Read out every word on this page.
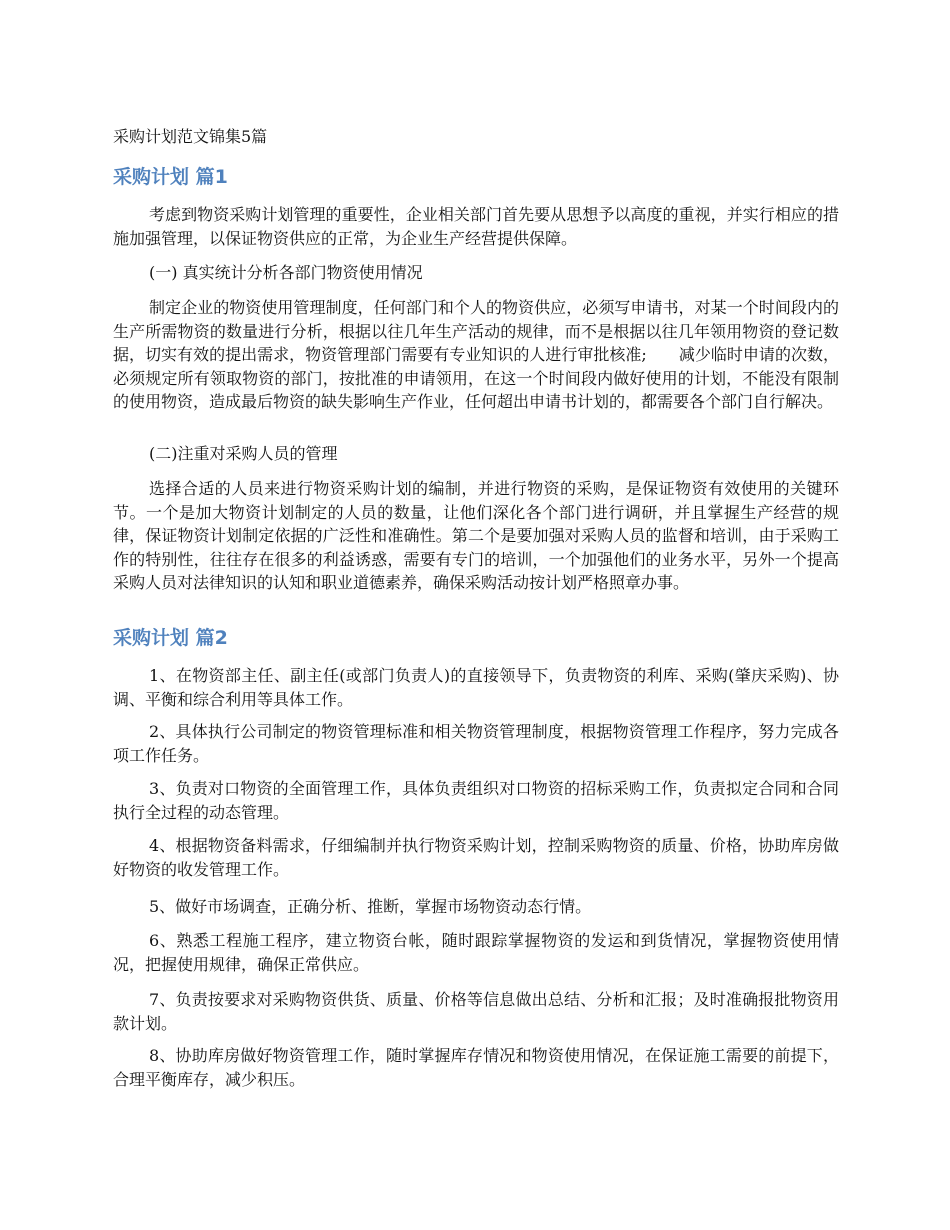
采购计划范文锦集5篇
采购计划 篇1

考虑到物资采购计划管理的重要性，企业相关部门首先要从思想予以高度的重视，并实行相应的措施加强管理，以保证物资供应的正常，为企业生产经营提供保障。

(一) 真实统计分析各部门物资使用情况

制定企业的物资使用管理制度，任何部门和个人的物资供应，必须写申请书，对某一个时间段内的生产所需物资的数量进行分析，根据以往几年生产活动的规律，而不是根据以往几年领用物资的登记数据，切实有效的提出需求，物资管理部门需要有专业知识的人进行审批核准;　　减少临时申请的次数，必须规定所有领取物资的部门，按批准的申请领用，在这一个时间段内做好使用的计划，不能没有限制的使用物资，造成最后物资的缺失影响生产作业，任何超出申请书计划的，都需要各个部门自行解决。

(二)注重对采购人员的管理

选择合适的人员来进行物资采购计划的编制，并进行物资的采购，是保证物资有效使用的关键环节。一个是加大物资计划制定的人员的数量，让他们深化各个部门进行调研，并且掌握生产经营的规律，保证物资计划制定依据的广泛性和准确性。第二个是要加强对采购人员的监督和培训，由于采购工作的特别性，往往存在很多的利益诱惑，需要有专门的培训，一个加强他们的业务水平，另外一个提高采购人员对法律知识的认知和职业道德素养，确保采购活动按计划严格照章办事。

采购计划 篇2

1、在物资部主任、副主任(或部门负责人)的直接领导下，负责物资的利库、采购(肇庆采购)、协调、平衡和综合利用等具体工作。

2、具体执行公司制定的物资管理标准和相关物资管理制度，根据物资管理工作程序，努力完成各项工作任务。

3、负责对口物资的全面管理工作，具体负责组织对口物资的招标采购工作，负责拟定合同和合同执行全过程的动态管理。

4、根据物资备料需求，仔细编制并执行物资采购计划，控制采购物资的质量、价格，协助库房做好物资的收发管理工作。

5、做好市场调查，正确分析、推断，掌握市场物资动态行情。

6、熟悉工程施工程序，建立物资台帐，随时跟踪掌握物资的发运和到货情况，掌握物资使用情况，把握使用规律，确保正常供应。

7、负责按要求对采购物资供货、质量、价格等信息做出总结、分析和汇报；及时准确报批物资用款计划。

8、协助库房做好物资管理工作，随时掌握库存情况和物资使用情况，在保证施工需要的前提下，合理平衡库存，减少积压。
